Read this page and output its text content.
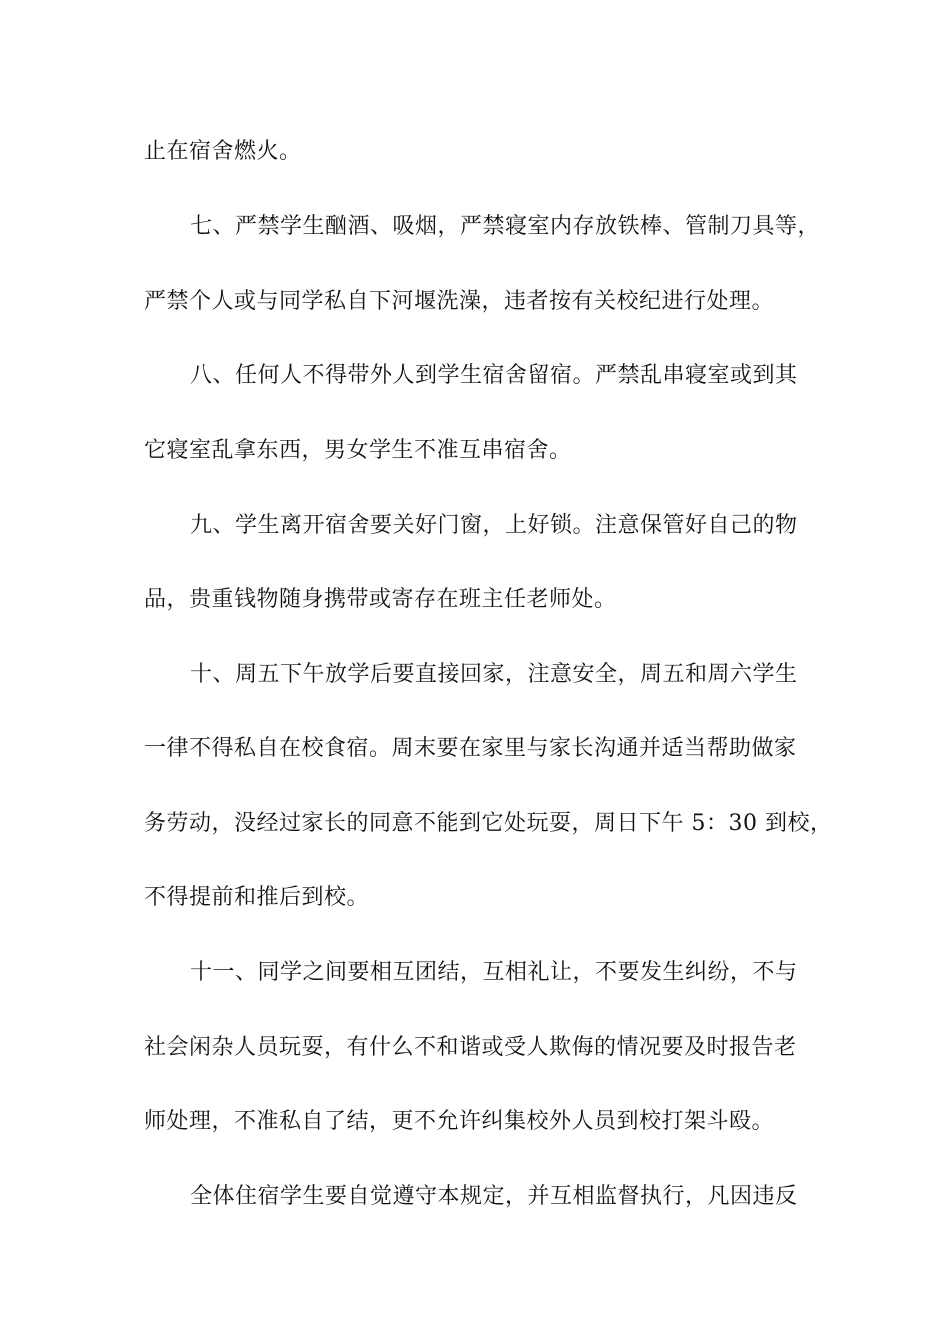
止在宿舍燃火。
七、严禁学生酗酒、吸烟，严禁寝室内存放铁棒、管制刀具等，
严禁个人或与同学私自下河堰洗澡，违者按有关校纪进行处理。
八、任何人不得带外人到学生宿舍留宿。严禁乱串寝室或到其
它寝室乱拿东西，男女学生不准互串宿舍。
九、学生离开宿舍要关好门窗，上好锁。注意保管好自己的物
品，贵重钱物随身携带或寄存在班主任老师处。
十、周五下午放学后要直接回家，注意安全，周五和周六学生
一律不得私自在校食宿。周末要在家里与家长沟通并适当帮助做家
务劳动，没经过家长的同意不能到它处玩耍，周日下午 5：30 到校，
不得提前和推后到校。
十一、同学之间要相互团结，互相礼让，不要发生纠纷，不与
社会闲杂人员玩耍，有什么不和谐或受人欺侮的情况要及时报告老
师处理，不准私自了结，更不允许纠集校外人员到校打架斗殴。
全体住宿学生要自觉遵守本规定，并互相监督执行，凡因违反
